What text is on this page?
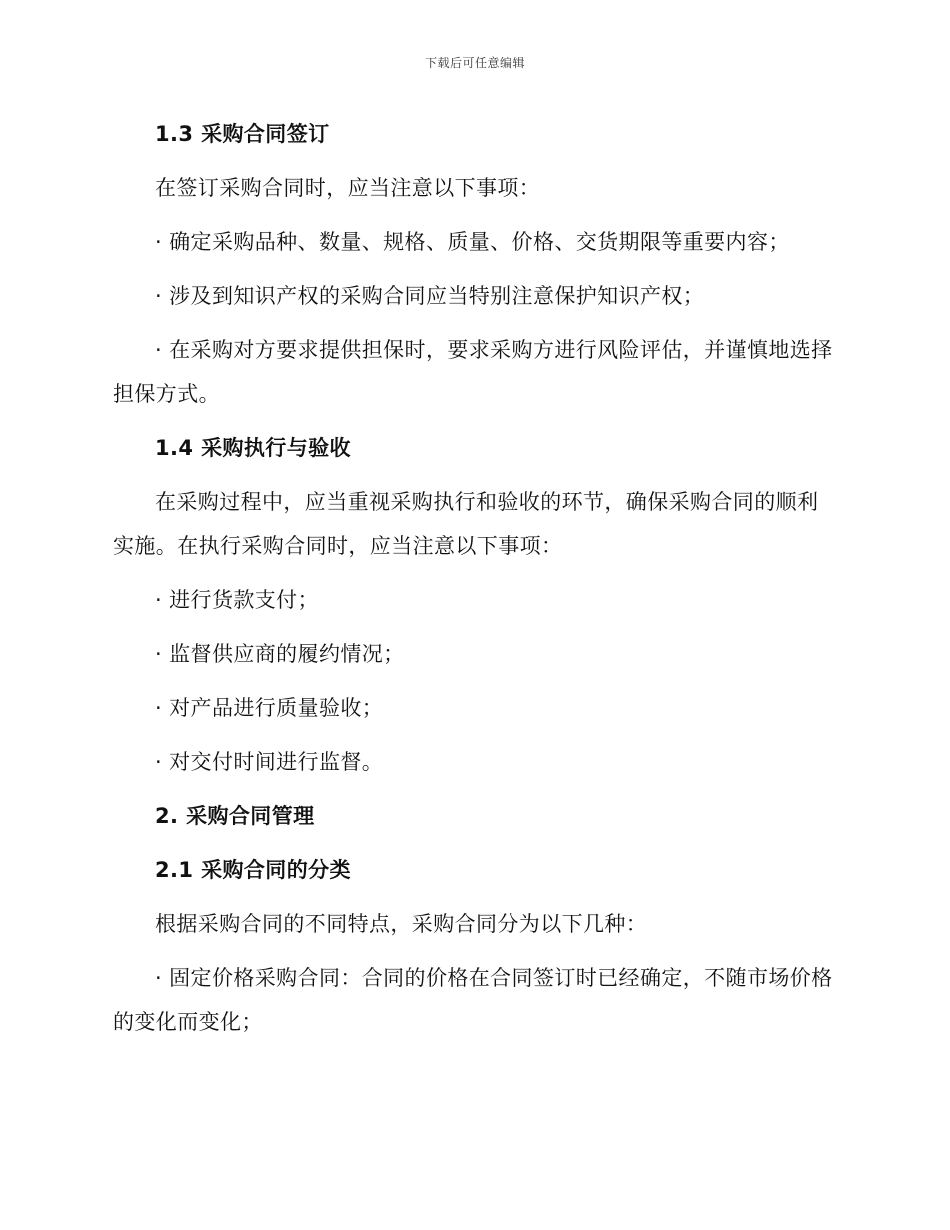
下载后可任意编辑

1.3 采购合同签订

在签订采购合同时，应当注意以下事项：

· 确定采购品种、数量、规格、质量、价格、交货期限等重要内容；

· 涉及到知识产权的采购合同应当特别注意保护知识产权；

· 在采购对方要求提供担保时，要求采购方进行风险评估，并谨慎地选择担保方式。

1.4 采购执行与验收

在采购过程中，应当重视采购执行和验收的环节，确保采购合同的顺利实施。在执行采购合同时，应当注意以下事项：

· 进行货款支付；

· 监督供应商的履约情况；

· 对产品进行质量验收；

· 对交付时间进行监督。

2. 采购合同管理

2.1 采购合同的分类

根据采购合同的不同特点，采购合同分为以下几种：

· 固定价格采购合同：合同的价格在合同签订时已经确定，不随市场价格的变化而变化；
